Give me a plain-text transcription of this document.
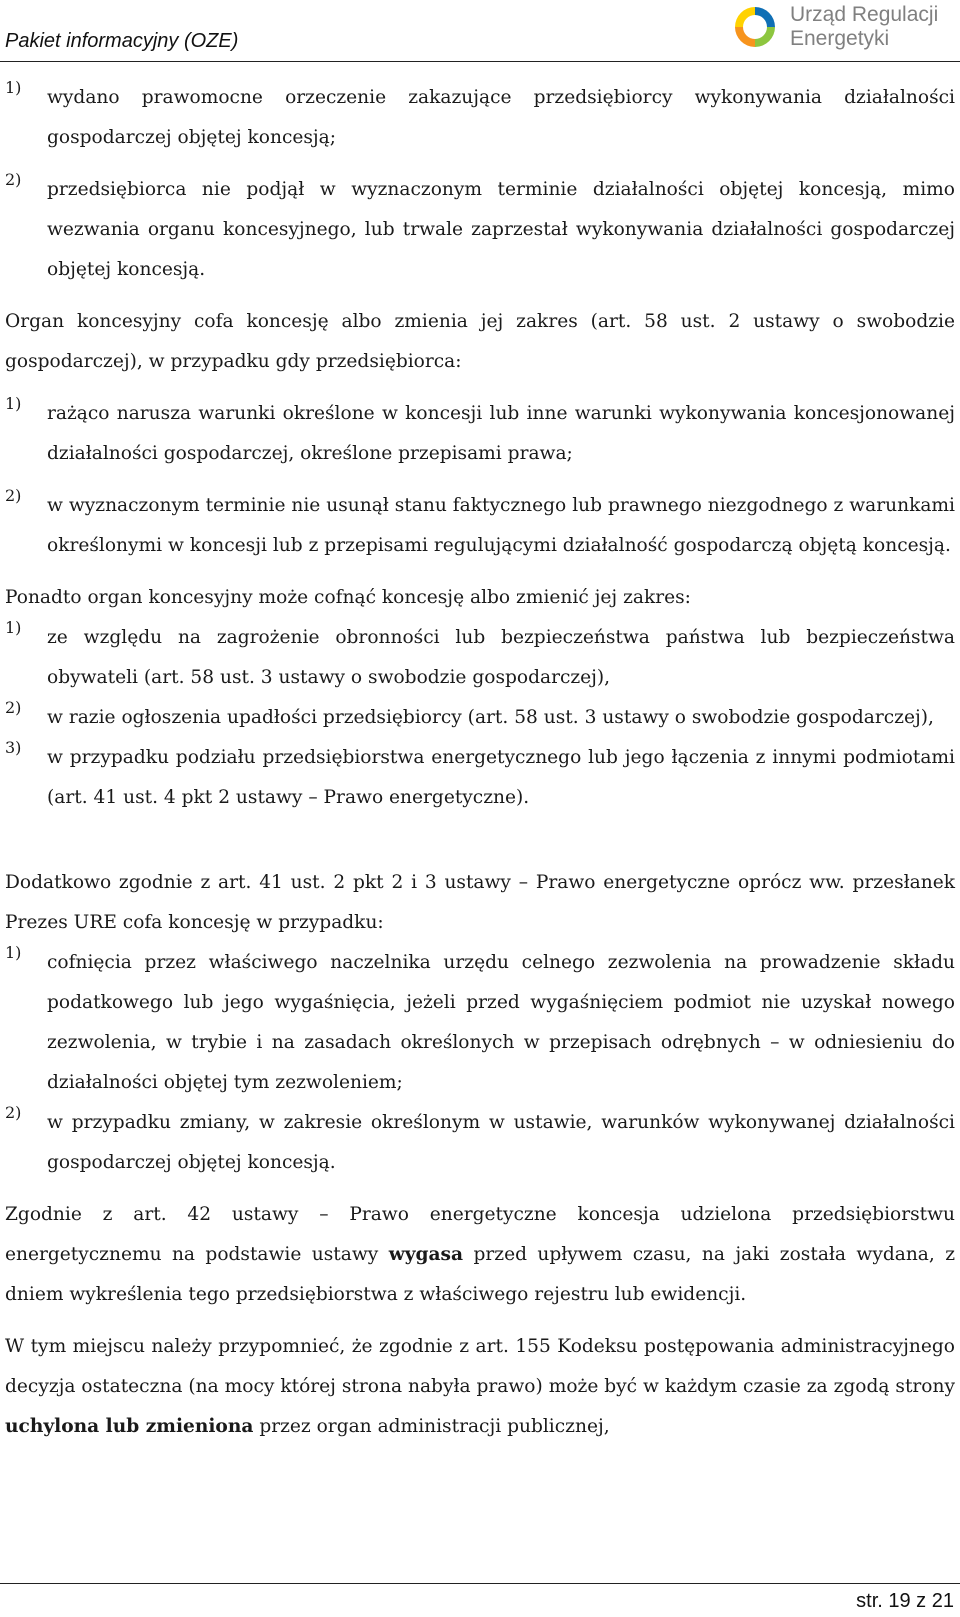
Pakiet informacyjny (OZE)
Urząd Regulacji
Energetyki
1) wydano prawomocne orzeczenie zakazujące przedsiębiorcy wykonywania działalności gospodarczej objętej koncesją;

2) przedsiębiorca nie podjął w wyznaczonym terminie działalności objętej koncesją, mimo wezwania organu koncesyjnego, lub trwale zaprzestał wykonywania działalności gospodarczej objętej koncesją.

Organ koncesyjny cofa koncesję albo zmienia jej zakres (art. 58 ust. 2 ustawy o swobodzie gospodarczej), w przypadku gdy przedsiębiorca:

1) rażąco narusza warunki określone w koncesji lub inne warunki wykonywania koncesjonowanej działalności gospodarczej, określone przepisami prawa;

2) w wyznaczonym terminie nie usunął stanu faktycznego lub prawnego niezgodnego z warunkami określonymi w koncesji lub z przepisami regulującymi działalność gospodarczą objętą koncesją.

Ponadto organ koncesyjny może cofnąć koncesję albo zmienić jej zakres:

1) ze względu na zagrożenie obronności lub bezpieczeństwa państwa lub bezpieczeństwa obywateli (art. 58 ust. 3 ustawy o swobodzie gospodarczej),

2) w razie ogłoszenia upadłości przedsiębiorcy (art. 58 ust. 3 ustawy o swobodzie gospodarczej),

3) w przypadku podziału przedsiębiorstwa energetycznego lub jego łączenia z innymi podmiotami (art. 41 ust. 4 pkt 2 ustawy – Prawo energetyczne).

Dodatkowo zgodnie z art. 41 ust. 2 pkt 2 i 3 ustawy – Prawo energetyczne oprócz ww. przesłanek Prezes URE cofa koncesję w przypadku:

1) cofnięcia przez właściwego naczelnika urzędu celnego zezwolenia na prowadzenie składu podatkowego lub jego wygaśnięcia, jeżeli przed wygaśnięciem podmiot nie uzyskał nowego zezwolenia, w trybie i na zasadach określonych w przepisach odrębnych – w odniesieniu do działalności objętej tym zezwoleniem;

2) w przypadku zmiany, w zakresie określonym w ustawie, warunków wykonywanej działalności gospodarczej objętej koncesją.

Zgodnie z art. 42 ustawy – Prawo energetyczne koncesja udzielona przedsiębiorstwu energetycznemu na podstawie ustawy wygasa przed upływem czasu, na jaki została wydana, z dniem wykreślenia tego przedsiębiorstwa z właściwego rejestru lub ewidencji.

W tym miejscu należy przypomnieć, że zgodnie z art. 155 Kodeksu postępowania administracyjnego decyzja ostateczna (na mocy której strona nabyła prawo) może być w każdym czasie za zgodą strony uchylona lub zmieniona przez organ administracji publicznej,

str. 19 z 21
